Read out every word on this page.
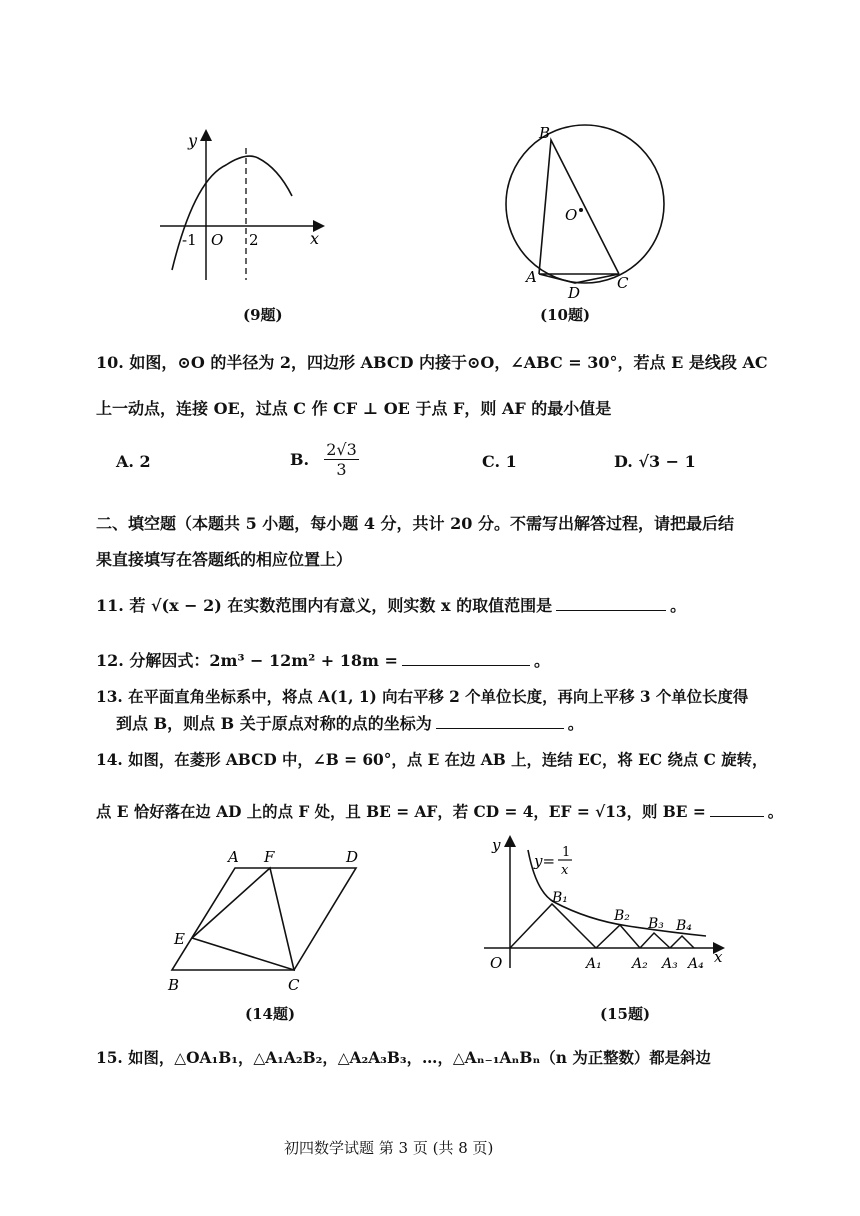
y
x
-1 O 2
(9题)
B
O
A
D
C
(10题)
10. 如图，⊙O 的半径为 2，四边形 ABCD 内接于⊙O，∠ABC = 30°，若点 E 是线段 AC
上一动点，连接 OE，过点 C 作 CF ⊥ OE 于点 F，则 AF 的最小值是
A. 2	B. $\frac{2√3}{3}$	C. 1	D. √3 − 1
二、填空题（本题共 5 小题，每小题 4 分，共计 20 分。不需写出解答过程，请把最后结
果直接填写在答题纸的相应位置上）
11. 若 √(x − 2) 在实数范围内有意义，则实数 x 的取值范围是	。
12. 分解因式：2m³ − 12m² + 18m =	。
13. 在平面直角坐标系中，将点 A(1, 1) 向右平移 2 个单位长度，再向上平移 3 个单位长度得
到点 B，则点 B 关于原点对称的点的坐标为	。
14. 如图，在菱形 ABCD 中，∠B = 60°，点 E 在边 AB 上，连结 EC，将 EC 绕点 C 旋转，
点 E 恰好落在边 AD 上的点 F 处，且 BE = AF，若 CD = 4，EF = √13，则 BE =	。
A F	D
E
B	C
(14题)
y
x
O
y= 1
x
B₁
B₂ B₃ B₄
A₁ A₂ A₃ A₄
(15题)
15. 如图，△OA₁B₁，△A₁A₂B₂，△A₂A₃B₃，…，△Aₙ₋₁AₙBₙ（n 为正整数）都是斜边
初四数学试题 第 3 页 (共 8 页)
